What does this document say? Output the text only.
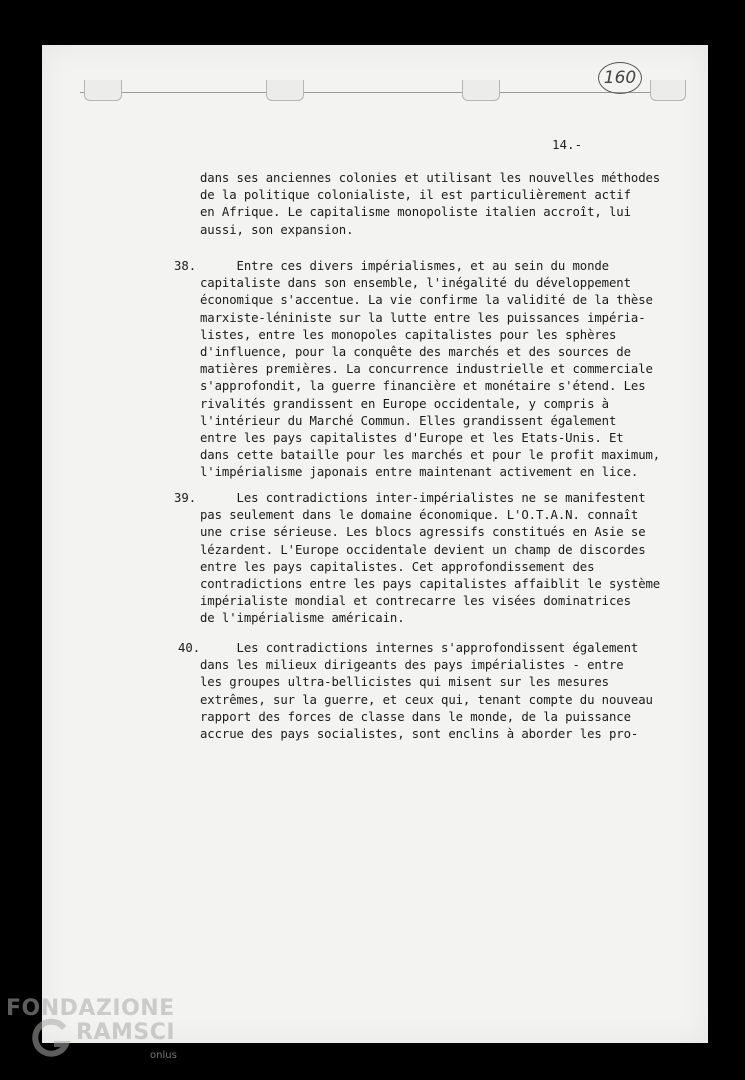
160
14.-
dans ses anciennes colonies et utilisant les nouvelles méthodes
de la politique colonialiste, il est particulièrement actif
en Afrique. Le capitalisme monopoliste italien accroît, lui
aussi, son expansion.
38. Entre ces divers impérialismes, et au sein du monde
capitaliste dans son ensemble, l'inégalité du développement
économique s'accentue. La vie confirme la validité de la thèse
marxiste-léniniste sur la lutte entre les puissances impéria-
listes, entre les monopoles capitalistes pour les sphères
d'influence, pour la conquête des marchés et des sources de
matières premières. La concurrence industrielle et commerciale
s'approfondit, la guerre financière et monétaire s'étend. Les
rivalités grandissent en Europe occidentale, y compris à
l'intérieur du Marché Commun. Elles grandissent également
entre les pays capitalistes d'Europe et les Etats-Unis. Et
dans cette bataille pour les marchés et pour le profit maximum,
l'impérialisme japonais entre maintenant activement en lice.
39. Les contradictions inter-impérialistes ne se manifestent
pas seulement dans le domaine économique. L'O.T.A.N. connaît
une crise sérieuse. Les blocs agressifs constitués en Asie se
lézardent. L'Europe occidentale devient un champ de discordes
entre les pays capitalistes. Cet approfondissement des
contradictions entre les pays capitalistes affaiblit le système
impérialiste mondial et contrecarre les visées dominatrices
de l'impérialisme américain.
40. Les contradictions internes s'approfondissent également
dans les milieux dirigeants des pays impérialistes - entre
les groupes ultra-bellicistes qui misent sur les mesures
extrêmes, sur la guerre, et ceux qui, tenant compte du nouveau
rapport des forces de classe dans le monde, de la puissance
accrue des pays socialistes, sont enclins à aborder les pro-
FONDAZIONE
RAMSCI
onlus
